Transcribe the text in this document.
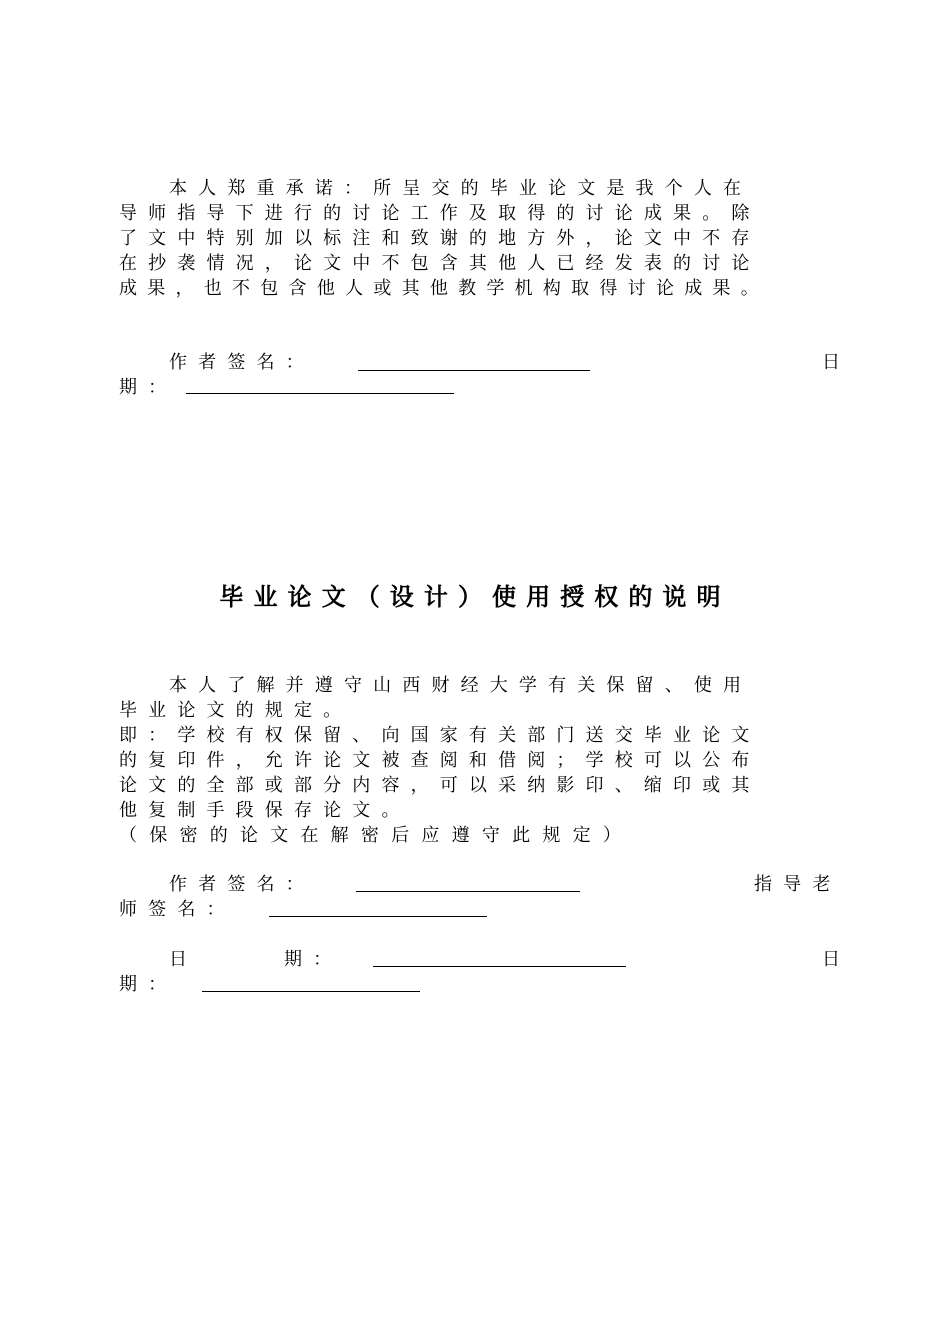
本人郑重承诺：所呈交的毕业论文是我个人在
导师指导下进行的讨论工作及取得的讨论成果。除
了文中特别加以标注和致谢的地方外，论文中不存
在抄袭情况，论文中不包含其他人已经发表的讨论
成果，也不包含他人或其他教学机构取得讨论成果。
作者签名：	日
期：
毕业论文（设计）使用授权的说明
本人了解并遵守山西财经大学有关保留、使用
毕业论文的规定。
即：学校有权保留、向国家有关部门送交毕业论文
的复印件，允许论文被查阅和借阅；学校可以公布
论文的全部或部分内容，可以采纳影印、缩印或其
他复制手段保存论文。
（保密的论文在解密后应遵守此规定）
作者签名：	指导老
师签名：
日	期：	日
期：
